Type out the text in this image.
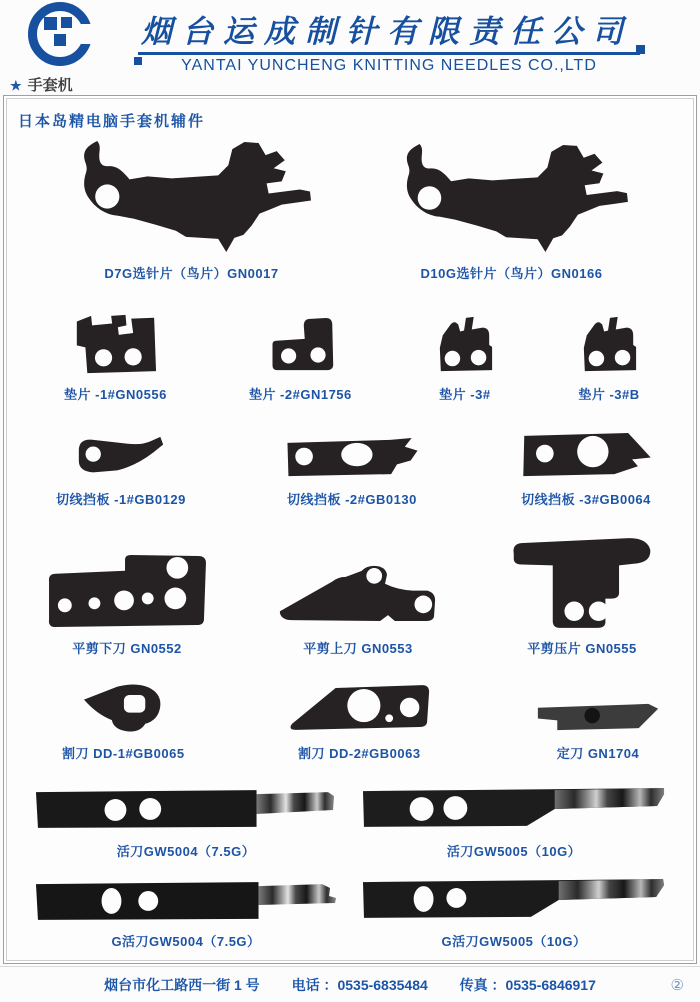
烟台运成制针有限责任公司
YANTAI YUNCHENG KNITTING NEEDLES CO.,LTD
★ 手套机
日本岛精电脑手套机辅件
D7G选针片（鸟片）GN0017	D10G选针片（鸟片）GN0166
垫片 -1#GN0556	垫片 -2#GN1756	垫片 -3#	垫片 -3#B
切线挡板 -1#GB0129	切线挡板 -2#GB0130	切线挡板 -3#GB0064
平剪下刀 GN0552	平剪上刀 GN0553	平剪压片 GN0555
割刀 DD-1#GB0065	割刀 DD-2#GB0063	定刀 GN1704
活刀GW5004（7.5G）	活刀GW5005（10G）
G活刀GW5004（7.5G）	G活刀GW5005（10G）
烟台市化工路西一街 1 号 电话 ：0535-6835484 传真 ：0535-6846917	②
